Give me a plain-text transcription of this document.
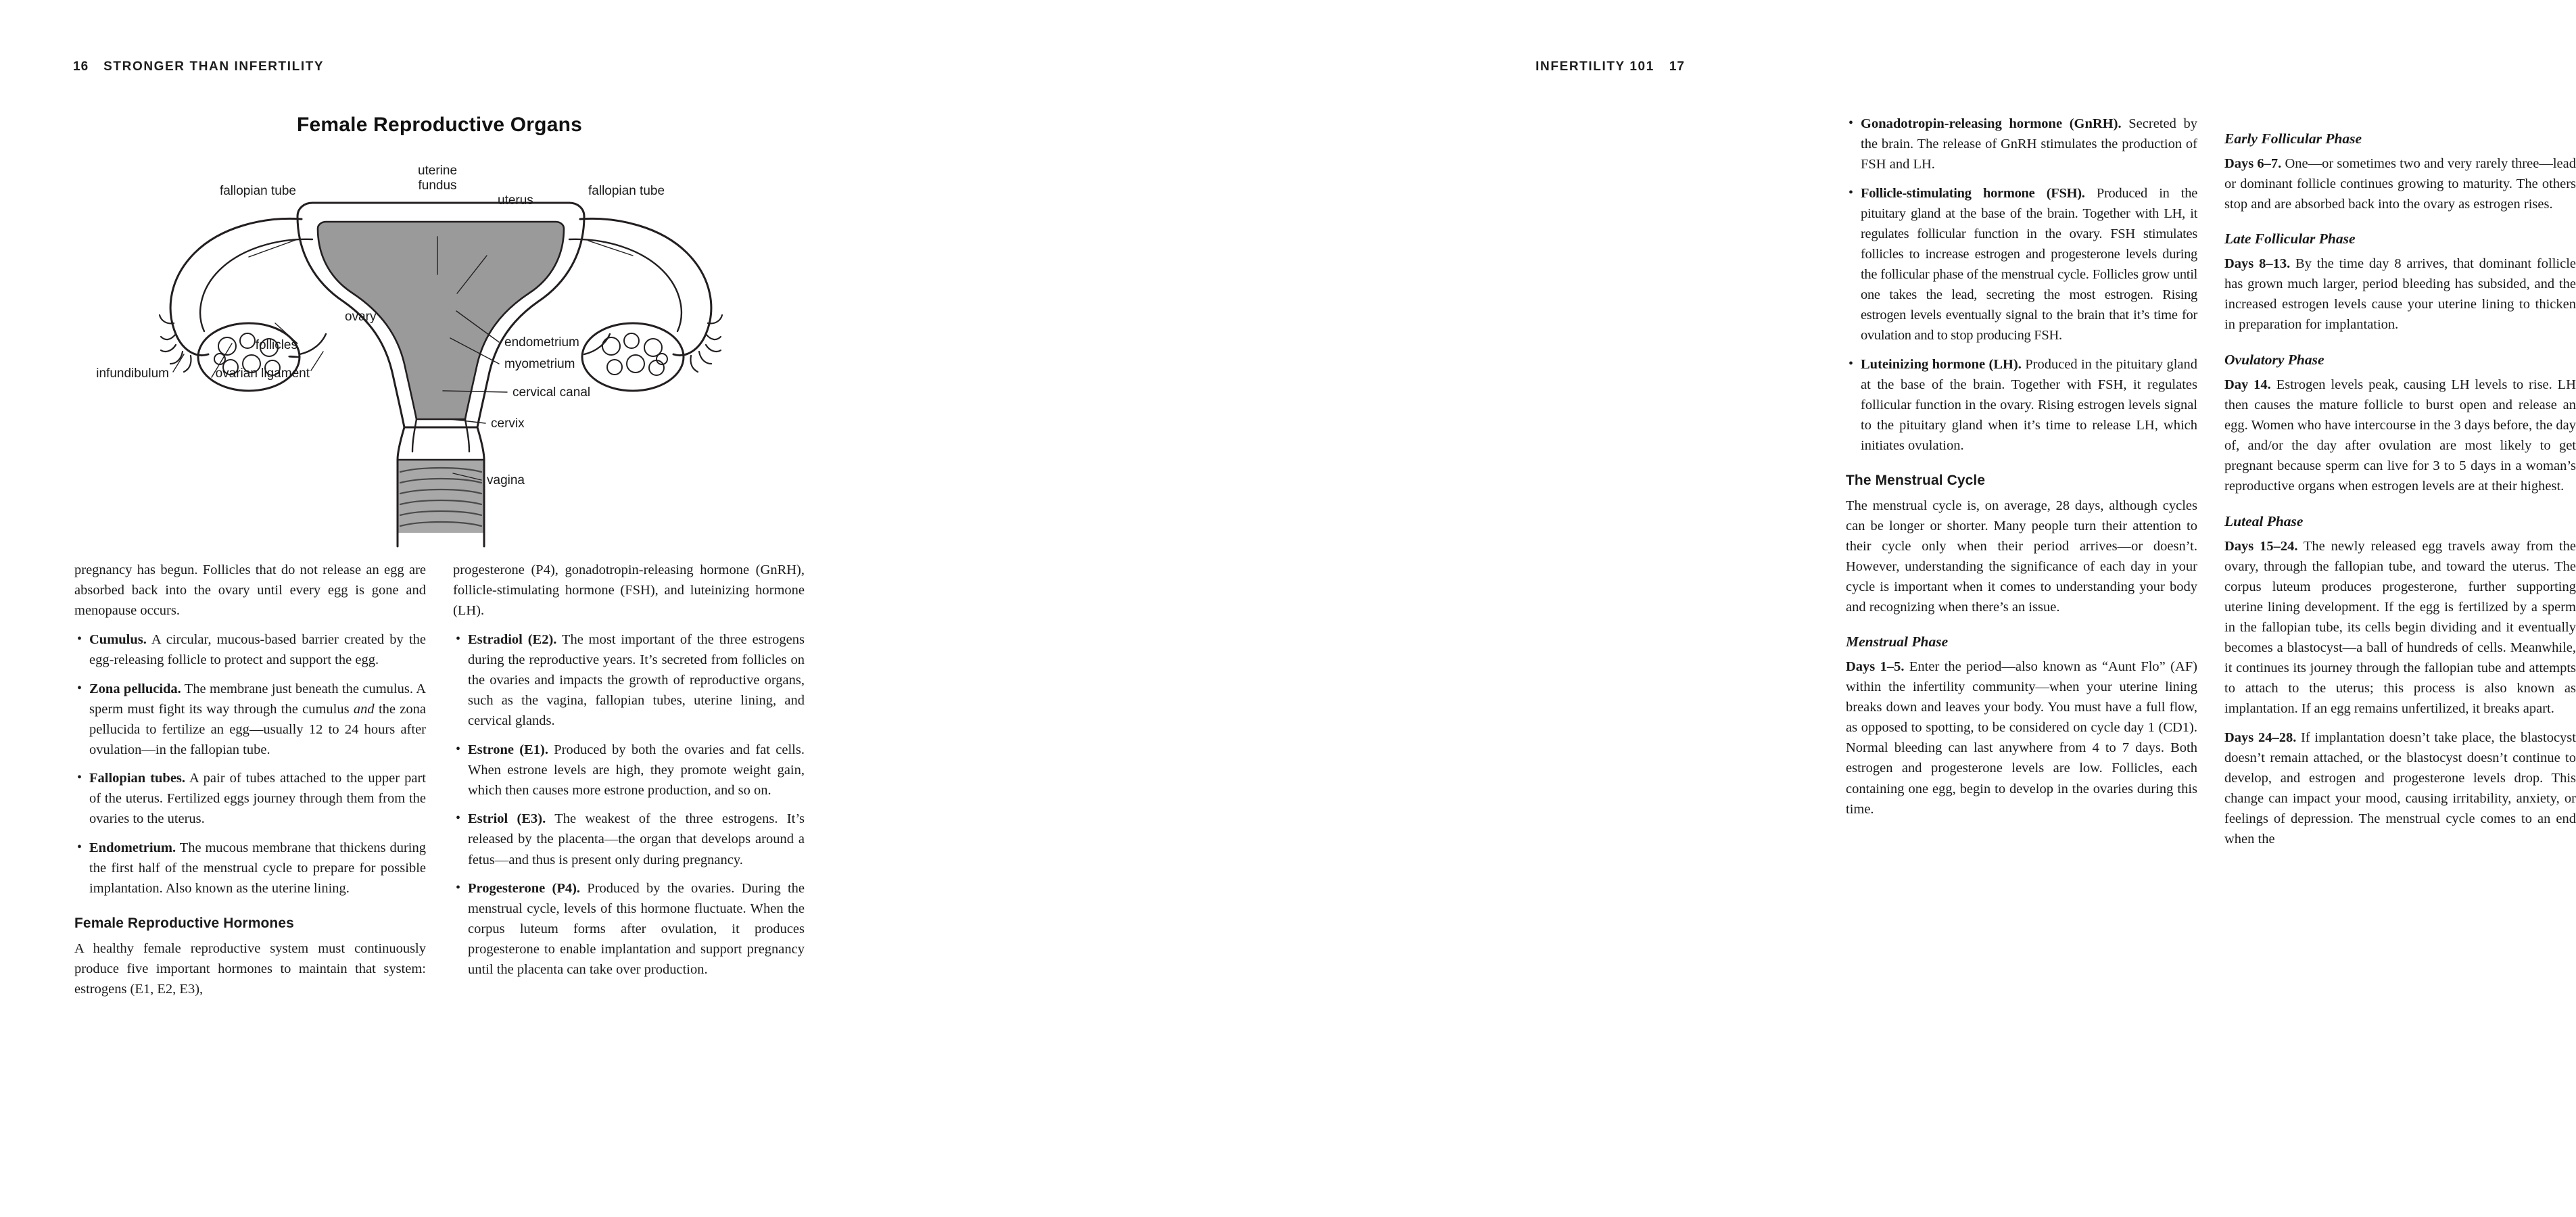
16 STRONGER THAN INFERTILITY
Female Reproductive Organs
uterine
fundus
fallopian tube
uterus
fallopian tube
ovary
follicles
infundibulum	ovarian ligament
endometrium
myometrium
cervical canal
cervix
vagina

pregnancy has begun. Follicles that do not release an egg are absorbed back into the ovary until every egg is gone and menopause occurs.

• Cumulus. A circular, mucous-based barrier created by the egg-releasing follicle to protect and support the egg.

• Zona pellucida. The membrane just beneath the cumulus. A sperm must fight its way through the cumulus and the zona pellucida to fertilize an egg—usually 12 to 24 hours after ovulation—in the fallopian tube.

• Fallopian tubes. A pair of tubes attached to the upper part of the uterus. Fertilized eggs journey through them from the ovaries to the uterus.

• Endometrium. The mucous membrane that thickens during the first half of the menstrual cycle to prepare for possible implantation. Also known as the uterine lining.

Female Reproductive Hormones

A healthy female reproductive system must continuously produce five important hormones to maintain that system: estrogens (E1, E2, E3),

progesterone (P4), gonadotropin-releasing hormone (GnRH), follicle-stimulating hormone (FSH), and luteinizing hormone (LH).

• Estradiol (E2). The most important of the three estrogens during the reproductive years. It’s secreted from follicles on the ovaries and impacts the growth of reproductive organs, such as the vagina, fallopian tubes, uterine lining, and cervical glands.

• Estrone (E1). Produced by both the ovaries and fat cells. When estrone levels are high, they promote weight gain, which then causes more estrone production, and so on.

• Estriol (E3). The weakest of the three estrogens. It’s released by the placenta—the organ that develops around a fetus—and thus is present only during pregnancy.

• Progesterone (P4). Produced by the ovaries. During the menstrual cycle, levels of this hormone fluctuate. When the corpus luteum forms after ovulation, it produces progesterone to enable implantation and support pregnancy until the placenta can take over production.

INFERTILITY 101 17

• Gonadotropin-releasing hormone (GnRH). Secreted by the brain. The release of GnRH stimulates the production of FSH and LH.

• Follicle-stimulating hormone (FSH). Produced in the pituitary gland at the base of the brain. Together with LH, it regulates follicular function in the ovary. FSH stimulates follicles to increase estrogen and progesterone levels during the follicular phase of the menstrual cycle. Follicles grow until one takes the lead, secreting the most estrogen. Rising estrogen levels eventually signal to the brain that it’s time for ovulation and to stop producing FSH.

• Luteinizing hormone (LH). Produced in the pituitary gland at the base of the brain. Together with FSH, it regulates follicular function in the ovary. Rising estrogen levels signal to the pituitary gland when it’s time to release LH, which initiates ovulation.

The Menstrual Cycle

The menstrual cycle is, on average, 28 days, although cycles can be longer or shorter. Many people turn their attention to their cycle only when their period arrives—or doesn’t. However, understanding the significance of each day in your cycle is important when it comes to understanding your body and recognizing when there’s an issue.

Menstrual Phase

Days 1–5. Enter the period—also known as “Aunt Flo” (AF) within the infertility community—when your uterine lining breaks down and leaves your body. You must have a full flow, as opposed to spotting, to be considered on cycle day 1 (CD1). Normal bleeding can last anywhere from 4 to 7 days. Both estrogen and progesterone levels are low. Follicles, each containing one egg, begin to develop in the ovaries during this time.

Early Follicular Phase

Days 6–7. One—or sometimes two and very rarely three—lead or dominant follicle continues growing to maturity. The others stop and are absorbed back into the ovary as estrogen rises.

Late Follicular Phase

Days 8–13. By the time day 8 arrives, that dominant follicle has grown much larger, period bleeding has subsided, and the increased estrogen levels cause your uterine lining to thicken in preparation for implantation.

Ovulatory Phase

Day 14. Estrogen levels peak, causing LH levels to rise. LH then causes the mature follicle to burst open and release an egg. Women who have intercourse in the 3 days before, the day of, and/or the day after ovulation are most likely to get pregnant because sperm can live for 3 to 5 days in a woman’s reproductive organs when estrogen levels are at their highest.

Luteal Phase

Days 15–24. The newly released egg travels away from the ovary, through the fallopian tube, and toward the uterus. The corpus luteum produces progesterone, further supporting uterine lining development. If the egg is fertilized by a sperm in the fallopian tube, its cells begin dividing and it eventually becomes a blastocyst—a ball of hundreds of cells. Meanwhile, it continues its journey through the fallopian tube and attempts to attach to the uterus; this process is also known as implantation. If an egg remains unfertilized, it breaks apart.

Days 24–28. If implantation doesn’t take place, the blastocyst doesn’t remain attached, or the blastocyst doesn’t continue to develop, and estrogen and progesterone levels drop. This change can impact your mood, causing irritability, anxiety, or feelings of depression. The menstrual cycle comes to an end when the
